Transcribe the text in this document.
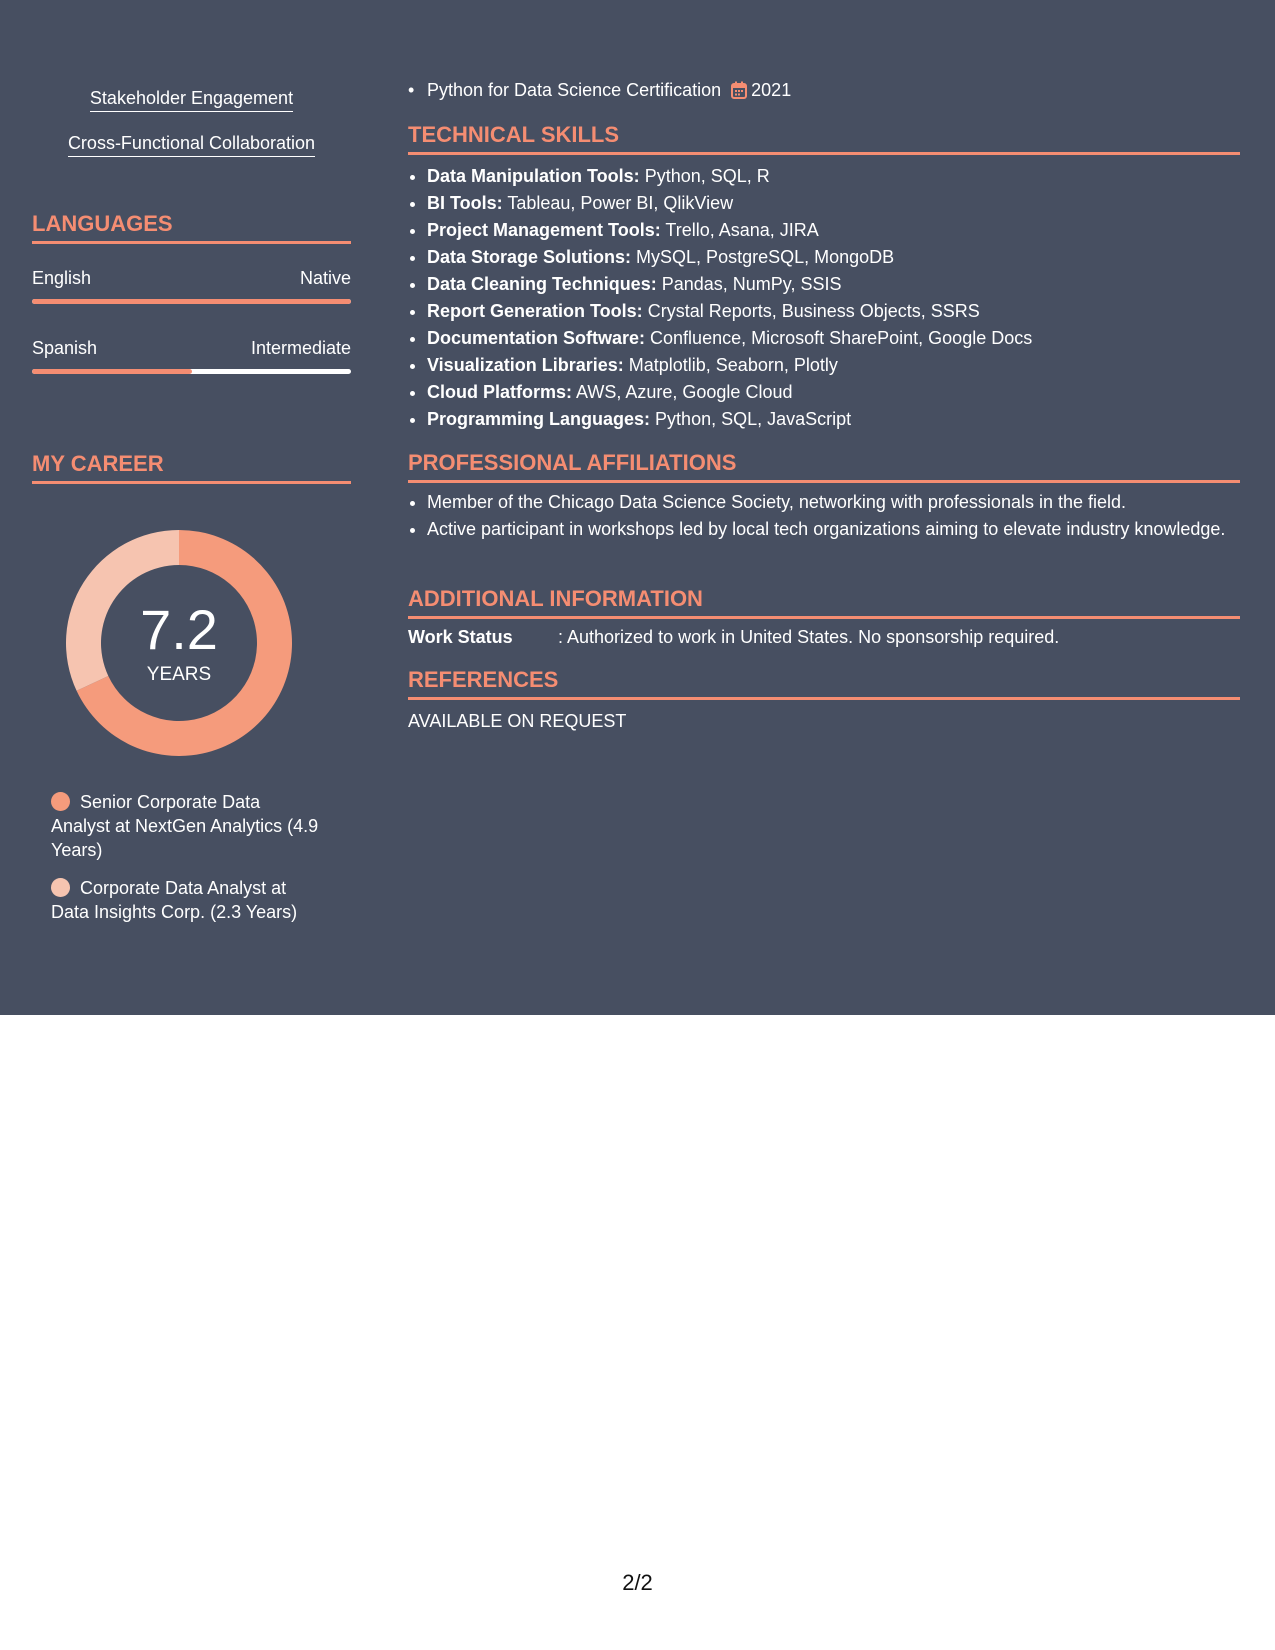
Stakeholder Engagement
Cross-Functional Collaboration
LANGUAGES
English	Native
Spanish	Intermediate
MY CAREER
7.2
YEARS
Senior Corporate Data Analyst at NextGen Analytics (4.9 Years)
Corporate Data Analyst at Data Insights Corp. (2.3 Years)
• Python for Data Science Certification 2021
TECHNICAL SKILLS
• Data Manipulation Tools: Python, SQL, R
• BI Tools: Tableau, Power BI, QlikView
• Project Management Tools: Trello, Asana, JIRA
• Data Storage Solutions: MySQL, PostgreSQL, MongoDB
• Data Cleaning Techniques: Pandas, NumPy, SSIS
• Report Generation Tools: Crystal Reports, Business Objects, SSRS
• Documentation Software: Confluence, Microsoft SharePoint, Google Docs
• Visualization Libraries: Matplotlib, Seaborn, Plotly
• Cloud Platforms: AWS, Azure, Google Cloud
• Programming Languages: Python, SQL, JavaScript
PROFESSIONAL AFFILIATIONS
• Member of the Chicago Data Science Society, networking with professionals in the field.
• Active participant in workshops led by local tech organizations aiming to elevate industry knowledge.
ADDITIONAL INFORMATION
Work Status	: Authorized to work in United States. No sponsorship required.
REFERENCES
AVAILABLE ON REQUEST
2/2
